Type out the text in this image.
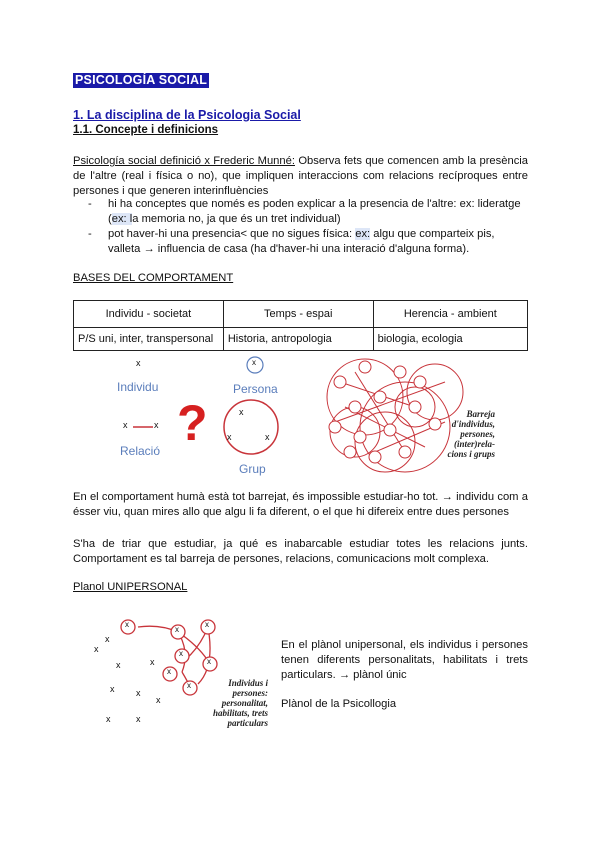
PSICOLOGÍA SOCIAL
1. La disciplina de la Psicologia Social
1.1. Concepte i definicions
Psicología social definició x Frederic Munné: Observa fets que comencen amb la presència de l'altre (real i física o no), que impliquen interaccions com relacions recíproques entre persones i que generen interinfluències
- hi ha conceptes que només es poden explicar a la presencia de l'altre: ex: lideratge (ex: la memoria no, ja que és un tret individual)
- pot haver-hi una presencia< que no sigues física: ex: algu que comparteix pis, valleta → influencia de casa (ha d'haver-hi una interació d'alguna forma).
BASES DEL COMPORTAMENT
Individu - societat	Temps - espai	Herencia - ambient
P/S uni, inter, transpersonal	Historia, antropologia	biologia, ecologia
?
x
Individu
x	x
Relació
x
Persona
x
x	x
Grup
Barreja
d'individus,
persones,
(inter)rela-
cions i grups
En el comportament humà està tot barrejat, és impossible estudiar-ho tot. → individu com a ésser viu, quan mires allo que algu li fa diferent, o el que hi difereix entre dues persones
S'ha de triar que estudiar, ja qué es inabarcable estudiar totes les relacions junts. Comportament es tal barreja de persones, relacions, comunicacions molt complexa.
Planol UNIPERSONAL
x
x
x
x
x
x
x
x
x
x	x
x x
x
x	x
Individus i
persones:
personalitat,
habilitats, trets
particulars
En el plànol unipersonal, els individus i persones tenen diferents personalitats, habilitats i trets particulars. → plànol únic
Plànol de la Psicollogia
